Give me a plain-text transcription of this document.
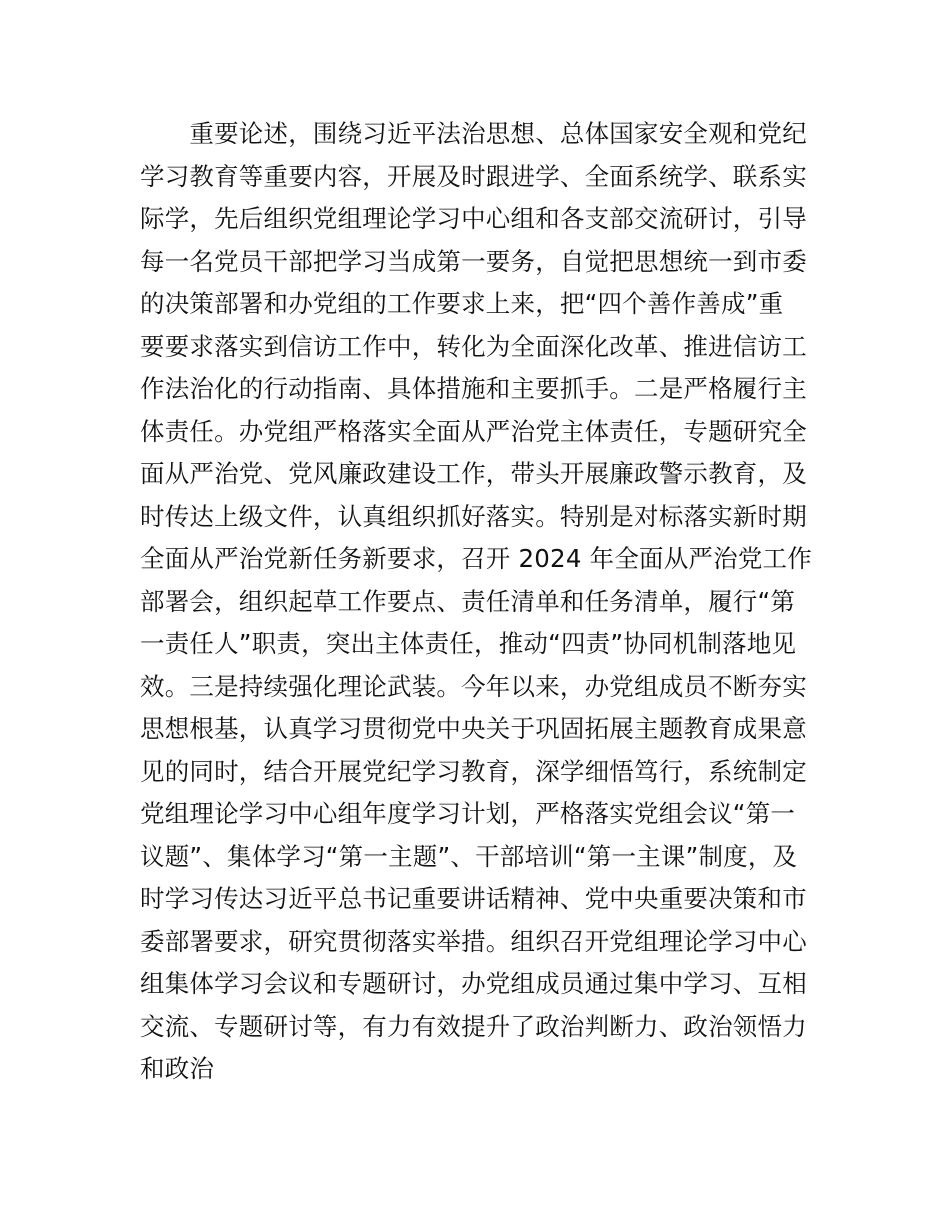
　　重要论述，围绕习近平法治思想、总体国家安全观和党纪
学习教育等重要内容，开展及时跟进学、全面系统学、联系实
际学，先后组织党组理论学习中心组和各支部交流研讨，引导
每一名党员干部把学习当成第一要务，自觉把思想统一到市委
的决策部署和办党组的工作要求上来，把“四个善作善成”重
要要求落实到信访工作中，转化为全面深化改革、推进信访工
作法治化的行动指南、具体措施和主要抓手。二是严格履行主
体责任。办党组严格落实全面从严治党主体责任，专题研究全
面从严治党、党风廉政建设工作，带头开展廉政警示教育，及
时传达上级文件，认真组织抓好落实。特别是对标落实新时期
全面从严治党新任务新要求，召开 2024 年全面从严治党工作
部署会，组织起草工作要点、责任清单和任务清单，履行“第
一责任人”职责，突出主体责任，推动“四责”协同机制落地见
效。三是持续强化理论武装。今年以来，办党组成员不断夯实
思想根基，认真学习贯彻党中央关于巩固拓展主题教育成果意
见的同时，结合开展党纪学习教育，深学细悟笃行，系统制定
党组理论学习中心组年度学习计划，严格落实党组会议“第一
议题”、集体学习“第一主题”、干部培训“第一主课”制度，及
时学习传达习近平总书记重要讲话精神、党中央重要决策和市
委部署要求，研究贯彻落实举措。组织召开党组理论学习中心
组集体学习会议和专题研讨，办党组成员通过集中学习、互相
交流、专题研讨等，有力有效提升了政治判断力、政治领悟力
和政治
